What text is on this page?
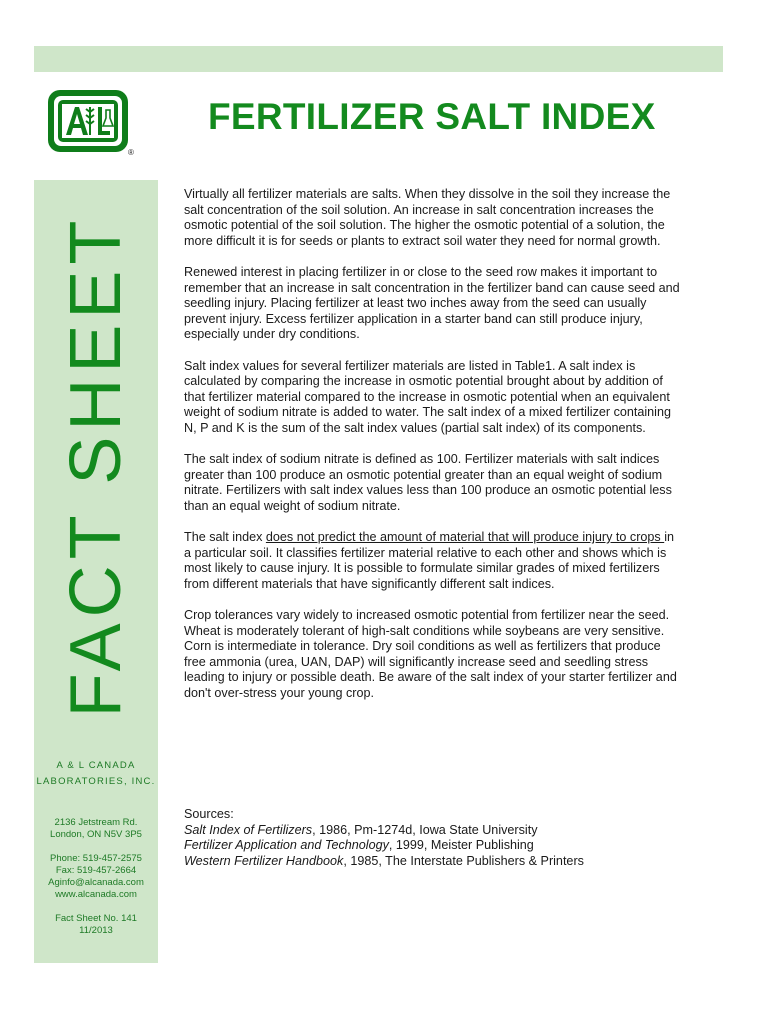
®
FERTILIZER SALT INDEX
FACT SHEET
A & L CANADA
LABORATORIES, INC.
2136 Jetstream Rd.
London, ON N5V 3P5
Phone: 519-457-2575
Fax: 519-457-2664
Aginfo@alcanada.com
www.alcanada.com
Fact Sheet No. 141
11/2013

Virtually all fertilizer materials are salts. When they dissolve in the soil they increase the salt concentration of the soil solution. An increase in salt concentration increases the osmotic potential of the soil solution. The higher the osmotic potential of a solution, the more difficult it is for seeds or plants to extract soil water they need for normal growth.

Renewed interest in placing fertilizer in or close to the seed row makes it important to remember that an increase in salt concentration in the fertilizer band can cause seed and seedling injury. Placing fertilizer at least two inches away from the seed can usually prevent injury. Excess fertilizer application in a starter band can still produce injury, especially under dry conditions.

Salt index values for several fertilizer materials are listed in Table1. A salt index is calculated by comparing the increase in osmotic potential brought about by addition of that fertilizer material compared to the increase in osmotic potential when an equivalent weight of sodium nitrate is added to water. The salt index of a mixed fertilizer containing N, P and K is the sum of the salt index values (partial salt index) of its components.

The salt index of sodium nitrate is defined as 100. Fertilizer materials with salt indices greater than 100 produce an osmotic potential greater than an equal weight of sodium nitrate. Fertilizers with salt index values less than 100 produce an osmotic potential less than an equal weight of sodium nitrate.

The salt index does not predict the amount of material that will produce injury to crops in a particular soil. It classifies fertilizer material relative to each other and shows which is most likely to cause injury. It is possible to formulate similar grades of mixed fertilizers from different materials that have significantly different salt indices.

Crop tolerances vary widely to increased osmotic potential from fertilizer near the seed. Wheat is moderately tolerant of high-salt conditions while soybeans are very sensitive. Corn is intermediate in tolerance. Dry soil conditions as well as fertilizers that produce free ammonia (urea, UAN, DAP) will significantly increase seed and seedling stress leading to injury or possible death. Be aware of the salt index of your starter fertilizer and don't over-stress your young crop.

Sources:
Salt Index of Fertilizers, 1986, Pm-1274d, Iowa State University
Fertilizer Application and Technology, 1999, Meister Publishing
Western Fertilizer Handbook, 1985, The Interstate Publishers & Printers
